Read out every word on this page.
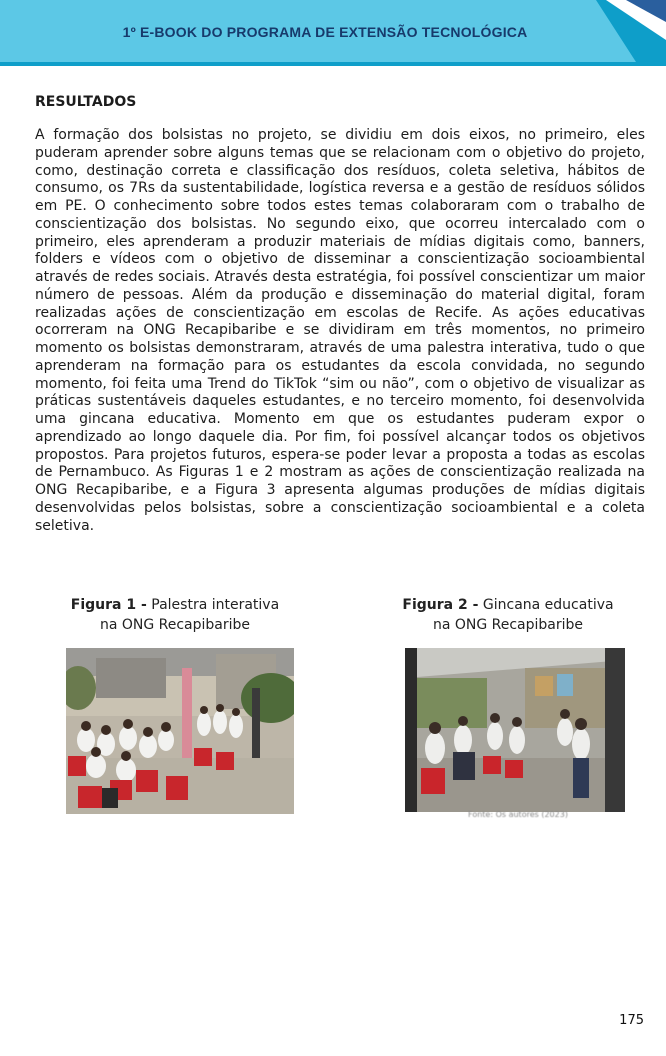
1º E-BOOK DO PROGRAMA DE EXTENSÃO TECNOLÓGICA
RESULTADOS
A formação dos bolsistas no projeto, se dividiu em dois eixos, no primeiro, eles puderam aprender sobre alguns temas que se relacionam com o objetivo do projeto, como, destinação correta e classificação dos resíduos, coleta seletiva, hábitos de consumo, os 7Rs da sustentabilidade, logística reversa e a gestão de resíduos sólidos em PE. O conhecimento sobre todos estes temas colaboraram com o trabalho de conscientização dos bolsistas. No segundo eixo, que ocorreu intercalado com o primeiro, eles aprenderam a produzir materiais de mídias digitais como, banners, folders e vídeos com o objetivo de disseminar a conscientização socioambiental através de redes sociais. Através desta estratégia, foi possível conscientizar um maior número de pessoas. Além da produção e disseminação do material digital, foram realizadas ações de conscientização em escolas de Recife. As ações educativas ocorreram na ONG Recapibaribe e se dividiram em três momentos, no primeiro momento os bolsistas demonstraram, através de uma palestra interativa, tudo o que aprenderam na formação para os estudantes da escola convidada, no segundo momento, foi feita uma Trend do TikTok “sim ou não”, com o objetivo de visualizar as práticas sustentáveis daqueles estudantes, e no terceiro momento, foi desenvolvida uma gincana educativa. Momento em que os estudantes puderam expor o aprendizado ao longo daquele dia. Por fim, foi possível alcançar todos os objetivos propostos. Para projetos futuros, espera-se poder levar a proposta a todas as escolas de Pernambuco. As Figuras 1 e 2 mostram as ações de conscientização realizada na ONG Recapibaribe, e a Figura 3 apresenta algumas produções de mídias digitais desenvolvidas pelos bolsistas, sobre a conscientização socioambiental e a coleta seletiva.
Figura 1 - Palestra interativa
na ONG Recapibaribe
Figura 2 - Gincana educativa
na ONG Recapibaribe
Fonte: Os autores (2023)
175
